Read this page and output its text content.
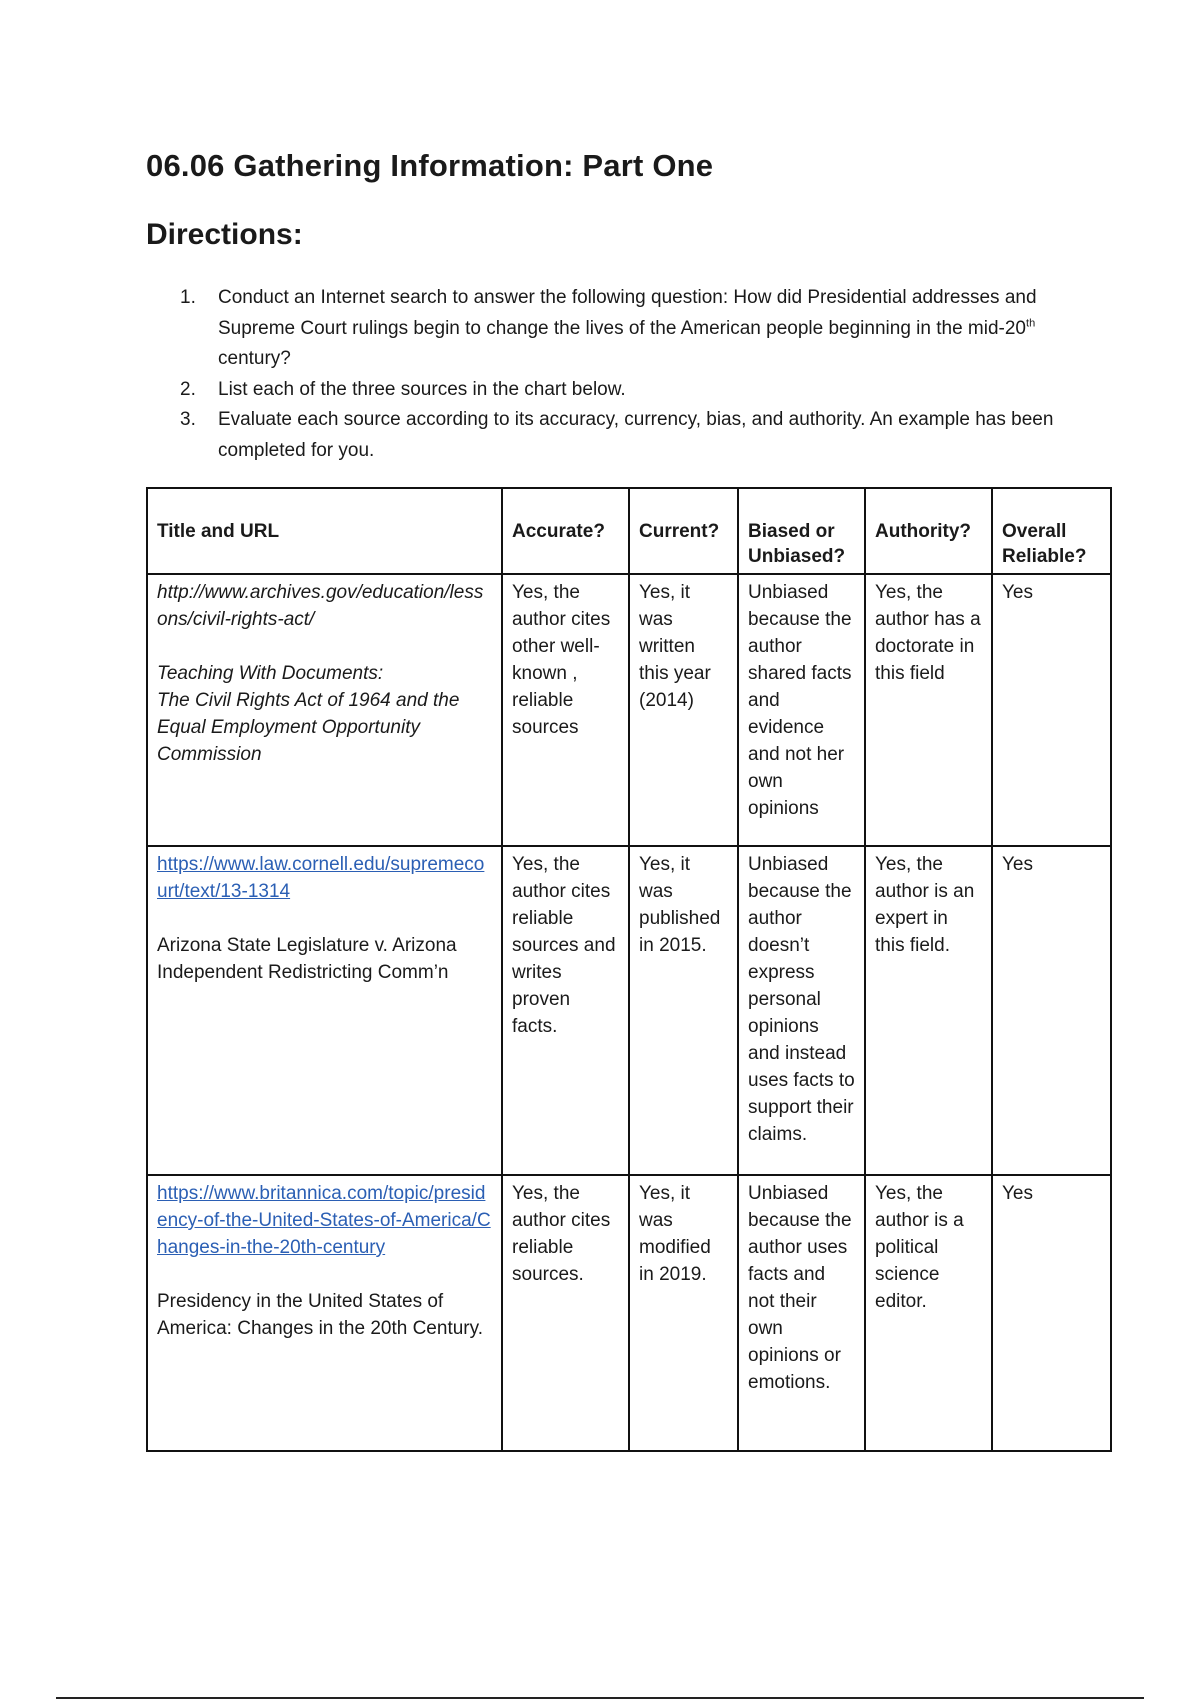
06.06 Gathering Information: Part One
Directions:
1. Conduct an Internet search to answer the following question: How did Presidential addresses and Supreme Court rulings begin to change the lives of the American people beginning in the mid-20th century?
2. List each of the three sources in the chart below.
3. Evaluate each source according to its accuracy, currency, bias, and authority. An example has been completed for you.
Title and URL	Accurate?	Current?	Biased or Unbiased?	Authority?	Overall Reliable?

http://www.archives.gov/education/lessons/civil-rights-act/
Teaching With Documents:
The Civil Rights Act of 1964 and the Equal Employment Opportunity Commission	Yes, the author cites other well-known , reliable sources	Yes, it was written this year (2014)	Unbiased because the author shared facts and evidence and not her own opinions	Yes, the author has a doctorate in this field	Yes
https://www.law.cornell.edu/supremecourt/text/13-1314
Arizona State Legislature v. Arizona Independent Redistricting Comm’n	Yes, the author cites reliable sources and writes proven facts.	Yes, it was published in 2015.	Unbiased because the author doesn’t express personal opinions and instead uses facts to support their claims.	Yes, the author is an expert in this field.	Yes
https://www.britannica.com/topic/presidency-of-the-United-States-of-America/Changes-in-the-20th-century
Presidency in the United States of America: Changes in the 20th Century.	Yes, the author cites reliable sources.	Yes, it was modified in 2019.	Unbiased because the author uses facts and not their own opinions or emotions.	Yes, the author is a political science editor.	Yes
